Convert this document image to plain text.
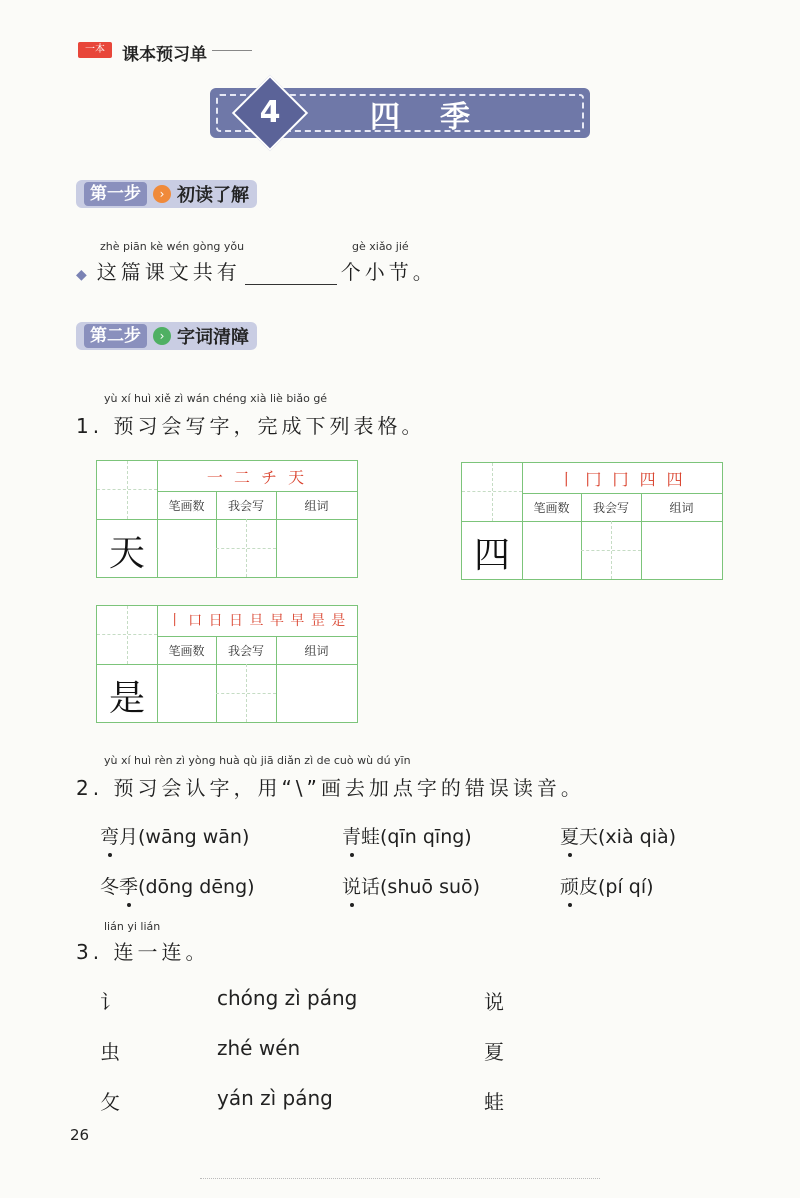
一本	课本预习单
4	四季
第一步	› 初读了解
zhè piān kè wén gòng yǒu	gè xiǎo jié
◆ 这篇课文共有	个小节。
第二步	› 字词清障
yù xí huì xiě zì wán chéng xià liè biǎo gé
1. 预习会写字，完成下列表格。
一 二 チ 天
笔画数	我会写	组词
天
丨 冂 冂 四 四
笔画数	我会写	组词
四
丨 口 日 日 旦 早 早 昰 是
笔画数	我会写	组词
是
yù xí huì rèn zì yòng huà qù jiā diǎn zì de cuò wù dú yīn
2. 预习会认字，用“\”画去加点字的错误读音。
弯月(wāng wān)	青蛙(qīn qīng)	夏天(xià qià)
冬季(dōng dēng)	说话(shuō suō)	顽皮(pí qí)
lián yi lián
3. 连一连。
讠
虫
攵
chóng zì páng
zhé wén
yán zì páng
说
夏
蛙
26
